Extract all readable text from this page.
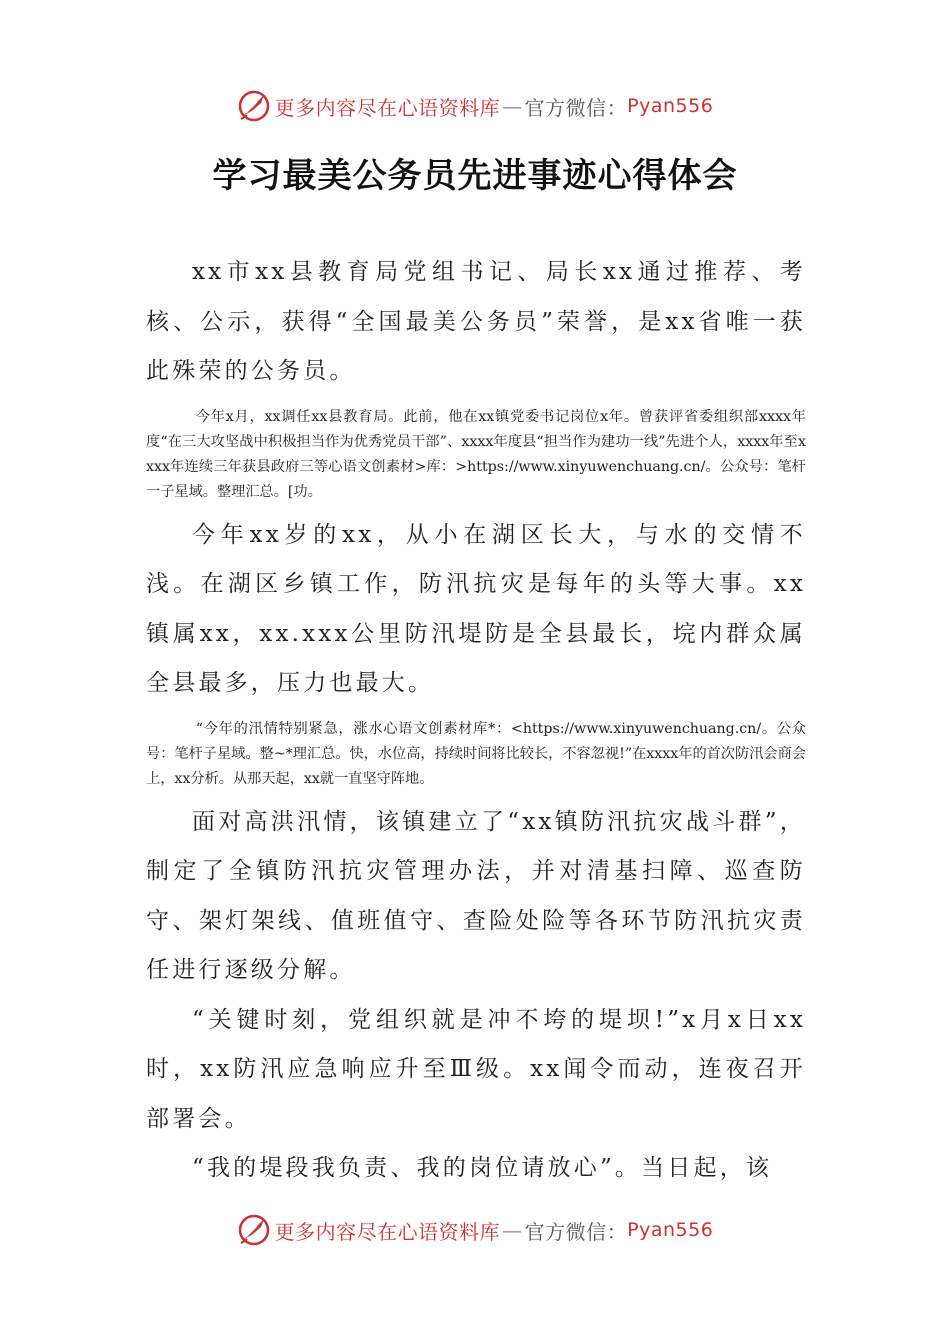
更多内容尽在心语资料库 — 官方微信： Pyan556
学习最美公务员先进事迹心得体会

xx市xx县教育局党组书记、局长xx通过推荐、考核、公示，获得“全国最美公务员”荣誉，是xx省唯一获此殊荣的公务员。

今年x月，xx调任xx县教育局。此前，他在xx镇党委书记岗位x年。曾获评省委组织部xxxx年度“在三大攻坚战中积极担当作为优秀党员干部”、xxxx年度县“担当作为建功一线”先进个人，xxxx年至xxxx年连续三年获县政府三等心语文创素材>库：>https://www.xinyuwenchuang.cn/。公众号：笔杆一子星域。整理汇总。[功。

今年xx岁的xx，从小在湖区长大，与水的交情不浅。在湖区乡镇工作，防汛抗灾是每年的头等大事。xx镇属xx，xx.xxx公里防汛堤防是全县最长，垸内群众属全县最多，压力也最大。

“今年的汛情特别紧急，涨水心语文创素材库*：<https://www.xinyuwenchuang.cn/。公众号：笔杆子星域。整~*理汇总。快，水位高，持续时间将比较长，不容忽视!”在xxxx年的首次防汛会商会上，xx分析。从那天起，xx就一直坚守阵地。

面对高洪汛情，该镇建立了“xx镇防汛抗灾战斗群”，制定了全镇防汛抗灾管理办法，并对清基扫障、巡查防守、架灯架线、值班值守、查险处险等各环节防汛抗灾责任进行逐级分解。

“关键时刻，党组织就是冲不垮的堤坝!”x月x日xx时，xx防汛应急响应升至Ⅲ级。xx闻令而动，连夜召开部署会。

“我的堤段我负责、我的岗位请放心”。当日起，该

更多内容尽在心语资料库 — 官方微信： Pyan556
